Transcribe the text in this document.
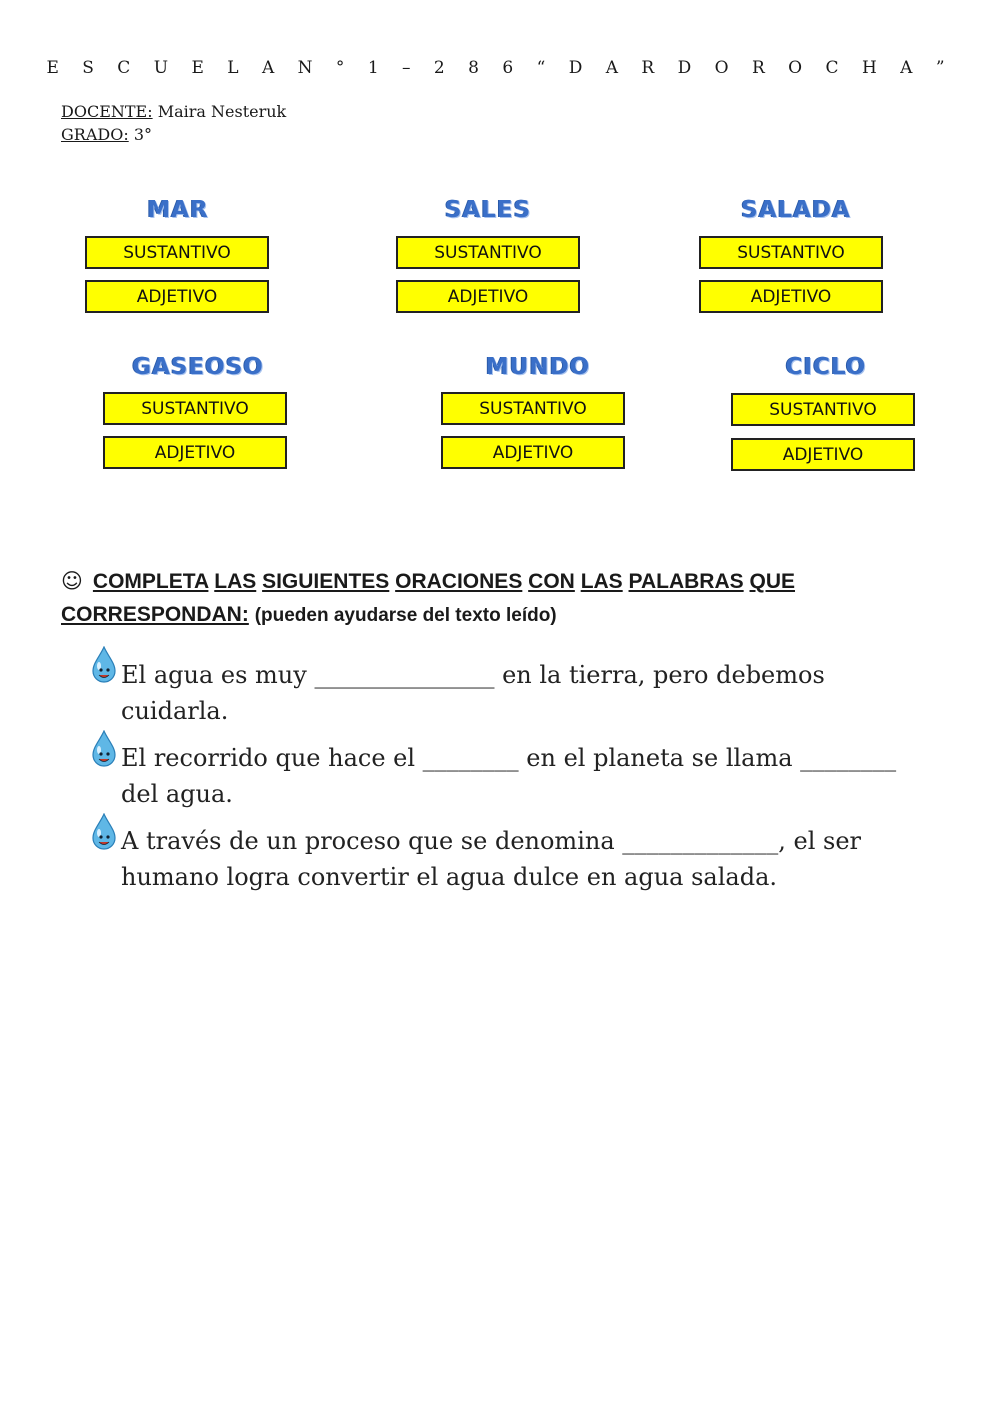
E S C U E L A N ° 1 – 2 8 6 “ D A R D O R O C H A ”
DOCENTE: Maira Nesteruk
GRADO: 3°
MAR
SUSTANTIVO
ADJETIVO
SALES
SUSTANTIVO
ADJETIVO
SALADA
SUSTANTIVO
ADJETIVO
GASEOSO
SUSTANTIVO
ADJETIVO
MUNDO
SUSTANTIVO
ADJETIVO
CICLO
SUSTANTIVO
ADJETIVO
☺ COMPLETA LAS SIGUIENTES ORACIONES CON LAS PALABRAS QUE CORRESPONDAN: (pueden ayudarse del texto leído)
El agua es muy _______________ en la tierra, pero debemos cuidarla.
El recorrido que hace el ________ en el planeta se llama ________ del agua.
A través de un proceso que se denomina _____________, el ser humano logra convertir el agua dulce en agua salada.
